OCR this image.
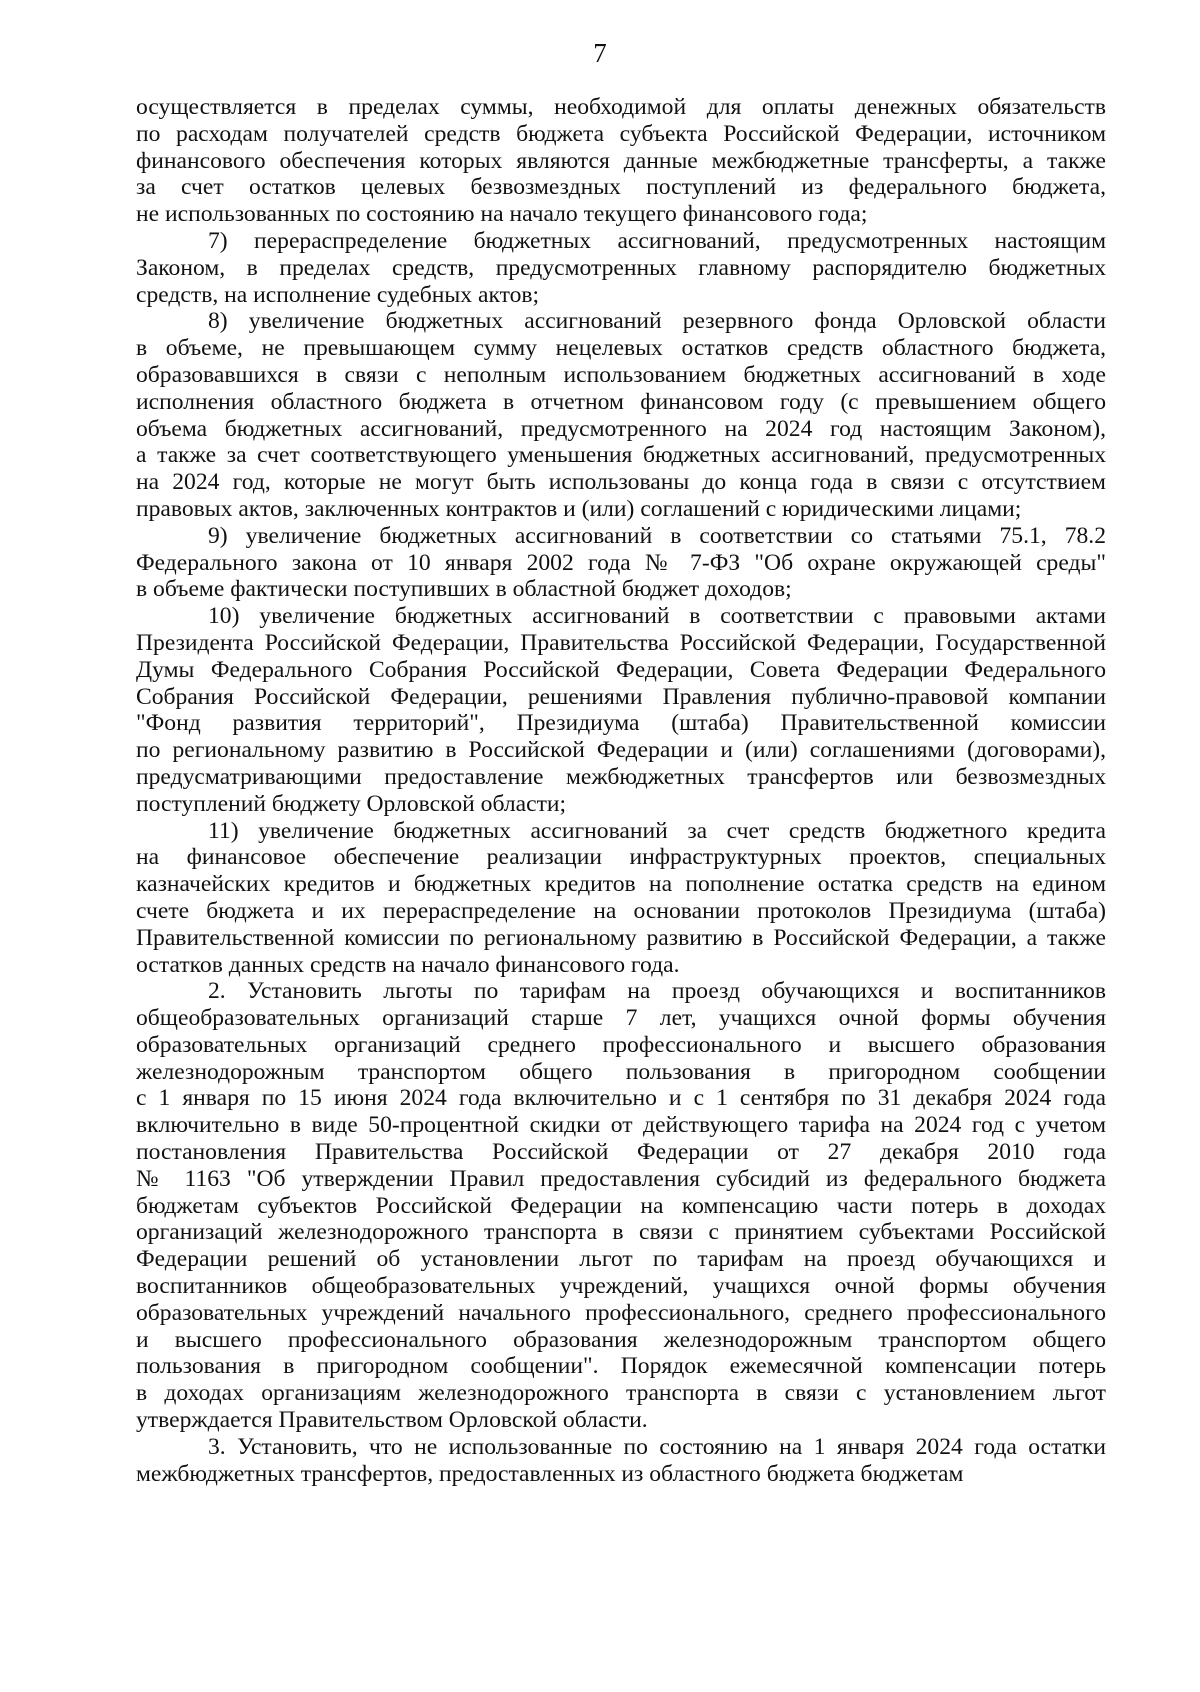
7
осуществляется в пределах суммы, необходимой для оплаты денежных обязательств
по расходам получателей средств бюджета субъекта Российской Федерации, источником
финансового обеспечения которых являются данные межбюджетные трансферты, а также
за счет остатков целевых безвозмездных поступлений из федерального бюджета,
не использованных по состоянию на начало текущего финансового года;
7) перераспределение бюджетных ассигнований, предусмотренных настоящим
Законом, в пределах средств, предусмотренных главному распорядителю бюджетных
средств, на исполнение судебных актов;
8) увеличение бюджетных ассигнований резервного фонда Орловской области
в объеме, не превышающем сумму нецелевых остатков средств областного бюджета,
образовавшихся в связи с неполным использованием бюджетных ассигнований в ходе
исполнения областного бюджета в отчетном финансовом году (с превышением общего
объема бюджетных ассигнований, предусмотренного на 2024 год настоящим Законом),
а также за счет соответствующего уменьшения бюджетных ассигнований, предусмотренных
на 2024 год, которые не могут быть использованы до конца года в связи с отсутствием
правовых актов, заключенных контрактов и (или) соглашений с юридическими лицами;
9) увеличение бюджетных ассигнований в соответствии со статьями 75.1, 78.2
Федерального закона от 10 января 2002 года № 7-ФЗ "Об охране окружающей среды"
в объеме фактически поступивших в областной бюджет доходов;
10) увеличение бюджетных ассигнований в соответствии с правовыми актами
Президента Российской Федерации, Правительства Российской Федерации, Государственной
Думы Федерального Собрания Российской Федерации, Совета Федерации Федерального
Собрания Российской Федерации, решениями Правления публично-правовой компании
"Фонд развития территорий", Президиума (штаба) Правительственной комиссии
по региональному развитию в Российской Федерации и (или) соглашениями (договорами),
предусматривающими предоставление межбюджетных трансфертов или безвозмездных
поступлений бюджету Орловской области;
11) увеличение бюджетных ассигнований за счет средств бюджетного кредита
на финансовое обеспечение реализации инфраструктурных проектов, специальных
казначейских кредитов и бюджетных кредитов на пополнение остатка средств на едином
счете бюджета и их перераспределение на основании протоколов Президиума (штаба)
Правительственной комиссии по региональному развитию в Российской Федерации, а также
остатков данных средств на начало финансового года.
2. Установить льготы по тарифам на проезд обучающихся и воспитанников
общеобразовательных организаций старше 7 лет, учащихся очной формы обучения
образовательных организаций среднего профессионального и высшего образования
железнодорожным транспортом общего пользования в пригородном сообщении
с 1 января по 15 июня 2024 года включительно и с 1 сентября по 31 декабря 2024 года
включительно в виде 50-процентной скидки от действующего тарифа на 2024 год с учетом
постановления Правительства Российской Федерации от 27 декабря 2010 года
№ 1163 "Об утверждении Правил предоставления субсидий из федерального бюджета
бюджетам субъектов Российской Федерации на компенсацию части потерь в доходах
организаций железнодорожного транспорта в связи с принятием субъектами Российской
Федерации решений об установлении льгот по тарифам на проезд обучающихся и
воспитанников общеобразовательных учреждений, учащихся очной формы обучения
образовательных учреждений начального профессионального, среднего профессионального
и высшего профессионального образования железнодорожным транспортом общего
пользования в пригородном сообщении". Порядок ежемесячной компенсации потерь
в доходах организациям железнодорожного транспорта в связи с установлением льгот
утверждается Правительством Орловской области.
3. Установить, что не использованные по состоянию на 1 января 2024 года остатки
межбюджетных трансфертов, предоставленных из областного бюджета бюджетам
